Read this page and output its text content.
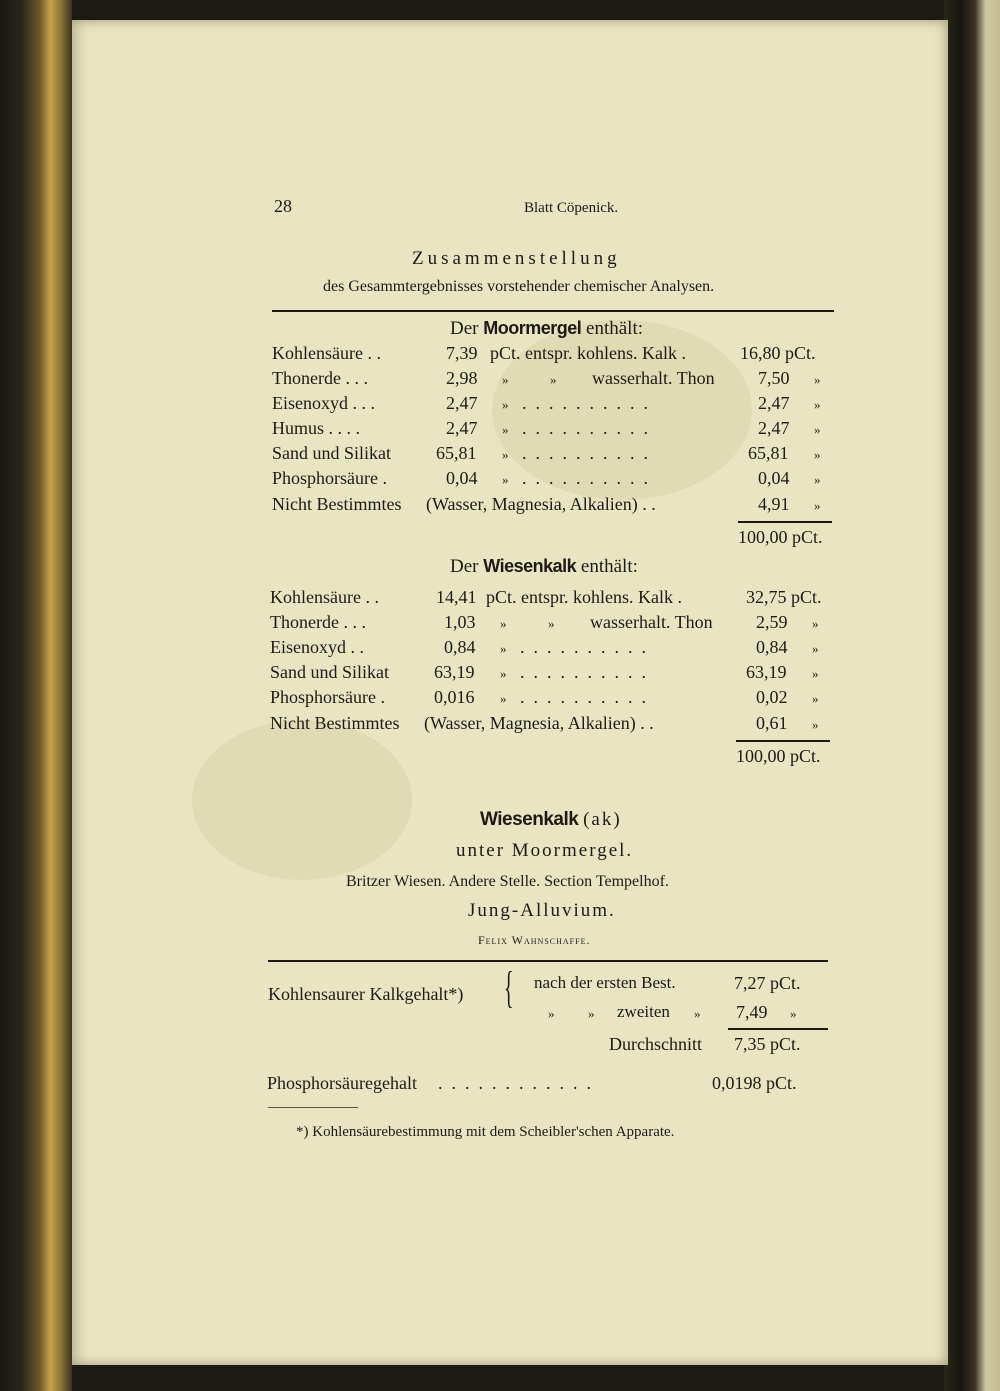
28	Blatt Cöpenick.
Zusammenstellung
des Gesammtergebnisses vorstehender chemischer Analysen.
Der Moormergel enthält:
Kohlensäure . .	7,39 pCt. entspr. kohlens. Kalk .	16,80 pCt.
Thonerde . . .	2,98 »	» wasserhalt. Thon 7,50 »
Eisenoxyd . . .	2,47 » ..........	2,47 »
Humus . . . .	2,47 » ..........	2,47 »
Sand und Silikat 65,81 » ..........	65,81 »
Phosphorsäure .	0,04 » ..........	0,04 »
Nicht Bestimmtes (Wasser, Magnesia, Alkalien) . .	4,91 »
100,00 pCt.
Der Wiesenkalk enthält:
Kohlensäure . .	14,41 pCt. entspr. kohlens. Kalk .	32,75 pCt.
Thonerde . . .	1,03 »	» wasserhalt. Thon 2,59 »
Eisenoxyd . .	0,84 » ..........	0,84 »
Sand und Silikat 63,19 » ..........	63,19 »
Phosphorsäure .	0,016 » ..........	0,02 »
Nicht Bestimmtes (Wasser, Magnesia, Alkalien) . .	0,61 »
100,00 pCt.
Wiesenkalk (ak)
unter Moormergel.
Britzer Wiesen. Andere Stelle. Section Tempelhof.
Jung-Alluvium.
Felix Wahnschaffe.
Kohlensaurer Kalkgehalt*) { nach der ersten Best.	7,27 pCt.
»	» zweiten » 7,49 »
Durchschnitt 7,35 pCt.
Phosphorsäuregehalt ............	0,0198 pCt.
*) Kohlensäurebestimmung mit dem Scheibler'schen Apparate.
